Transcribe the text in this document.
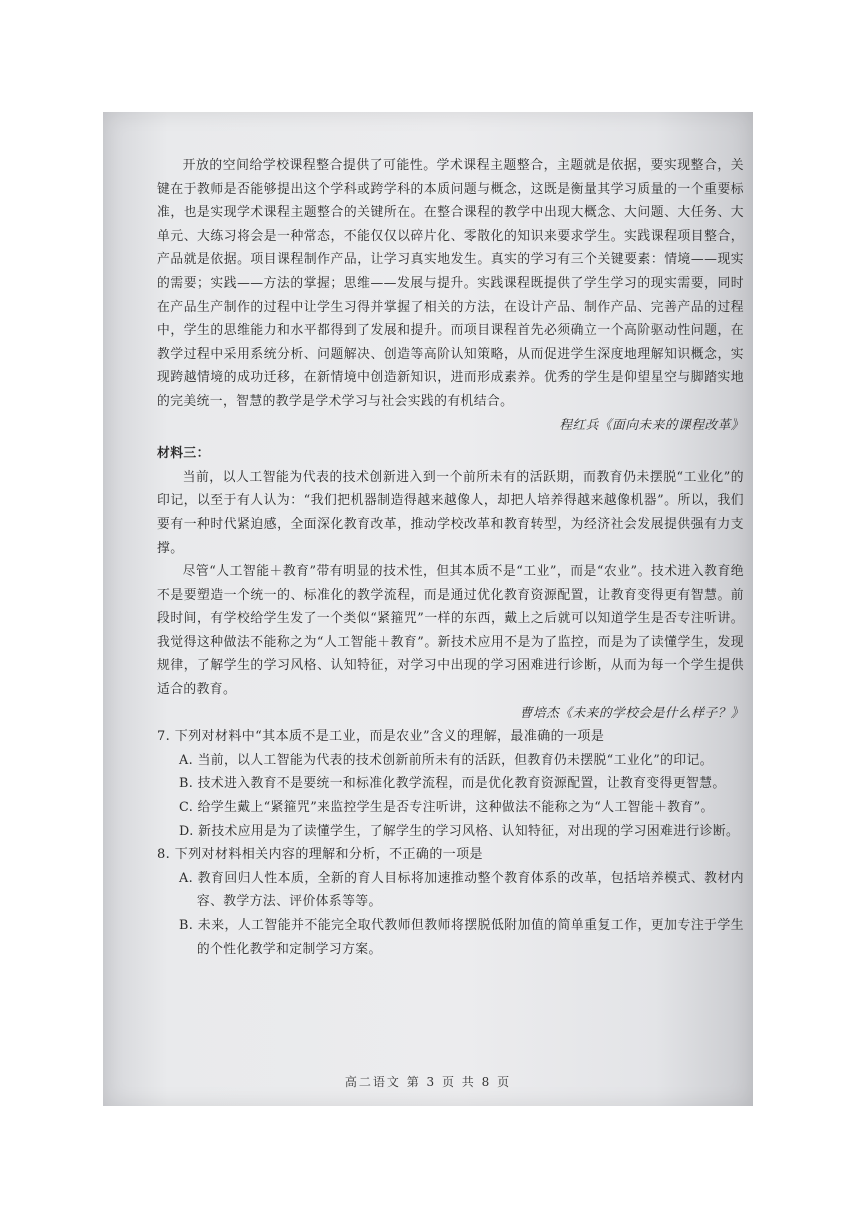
开放的空间给学校课程整合提供了可能性。学术课程主题整合，主题就是依据，要实现整合，关键在于教师是否能够提出这个学科或跨学科的本质问题与概念，这既是衡量其学习质量的一个重要标准，也是实现学术课程主题整合的关键所在。在整合课程的教学中出现大概念、大问题、大任务、大单元、大练习将会是一种常态，不能仅仅以碎片化、零散化的知识来要求学生。实践课程项目整合，产品就是依据。项目课程制作产品，让学习真实地发生。真实的学习有三个关键要素：情境——现实的需要；实践——方法的掌握；思维——发展与提升。实践课程既提供了学生学习的现实需要，同时在产品生产制作的过程中让学生习得并掌握了相关的方法，在设计产品、制作产品、完善产品的过程中，学生的思维能力和水平都得到了发展和提升。而项目课程首先必须确立一个高阶驱动性问题，在教学过程中采用系统分析、问题解决、创造等高阶认知策略，从而促进学生深度地理解知识概念，实现跨越情境的成功迁移，在新情境中创造新知识，进而形成素养。优秀的学生是仰望星空与脚踏实地的完美统一，智慧的教学是学术学习与社会实践的有机结合。

程红兵《面向未来的课程改革》

材料三：

当前，以人工智能为代表的技术创新进入到一个前所未有的活跃期，而教育仍未摆脱“工业化”的印记，以至于有人认为：“我们把机器制造得越来越像人，却把人培养得越来越像机器”。所以，我们要有一种时代紧迫感，全面深化教育改革，推动学校改革和教育转型，为经济社会发展提供强有力支撑。

尽管“人工智能＋教育”带有明显的技术性，但其本质不是“工业”，而是“农业”。技术进入教育绝不是要塑造一个统一的、标准化的教学流程，而是通过优化教育资源配置，让教育变得更有智慧。前段时间，有学校给学生发了一个类似“紧箍咒”一样的东西，戴上之后就可以知道学生是否专注听讲。我觉得这种做法不能称之为“人工智能＋教育”。新技术应用不是为了监控，而是为了读懂学生，发现规律，了解学生的学习风格、认知特征，对学习中出现的学习困难进行诊断，从而为每一个学生提供适合的教育。

曹培杰《未来的学校会是什么样子？》

7. 下列对材料中“其本质不是工业，而是农业”含义的理解，最准确的一项是

A. 当前，以人工智能为代表的技术创新前所未有的活跃，但教育仍未摆脱“工业化”的印记。

B. 技术进入教育不是要统一和标准化教学流程，而是优化教育资源配置，让教育变得更智慧。

C. 给学生戴上“紧箍咒”来监控学生是否专注听讲，这种做法不能称之为“人工智能＋教育”。

D. 新技术应用是为了读懂学生，了解学生的学习风格、认知特征，对出现的学习困难进行诊断。

8. 下列对材料相关内容的理解和分析，不正确的一项是

A. 教育回归人性本质，全新的育人目标将加速推动整个教育体系的改革，包括培养模式、教材内容、教学方法、评价体系等等。

B. 未来，人工智能并不能完全取代教师但教师将摆脱低附加值的简单重复工作，更加专注于学生的个性化教学和定制学习方案。

高二语文 第 3 页 共 8 页
